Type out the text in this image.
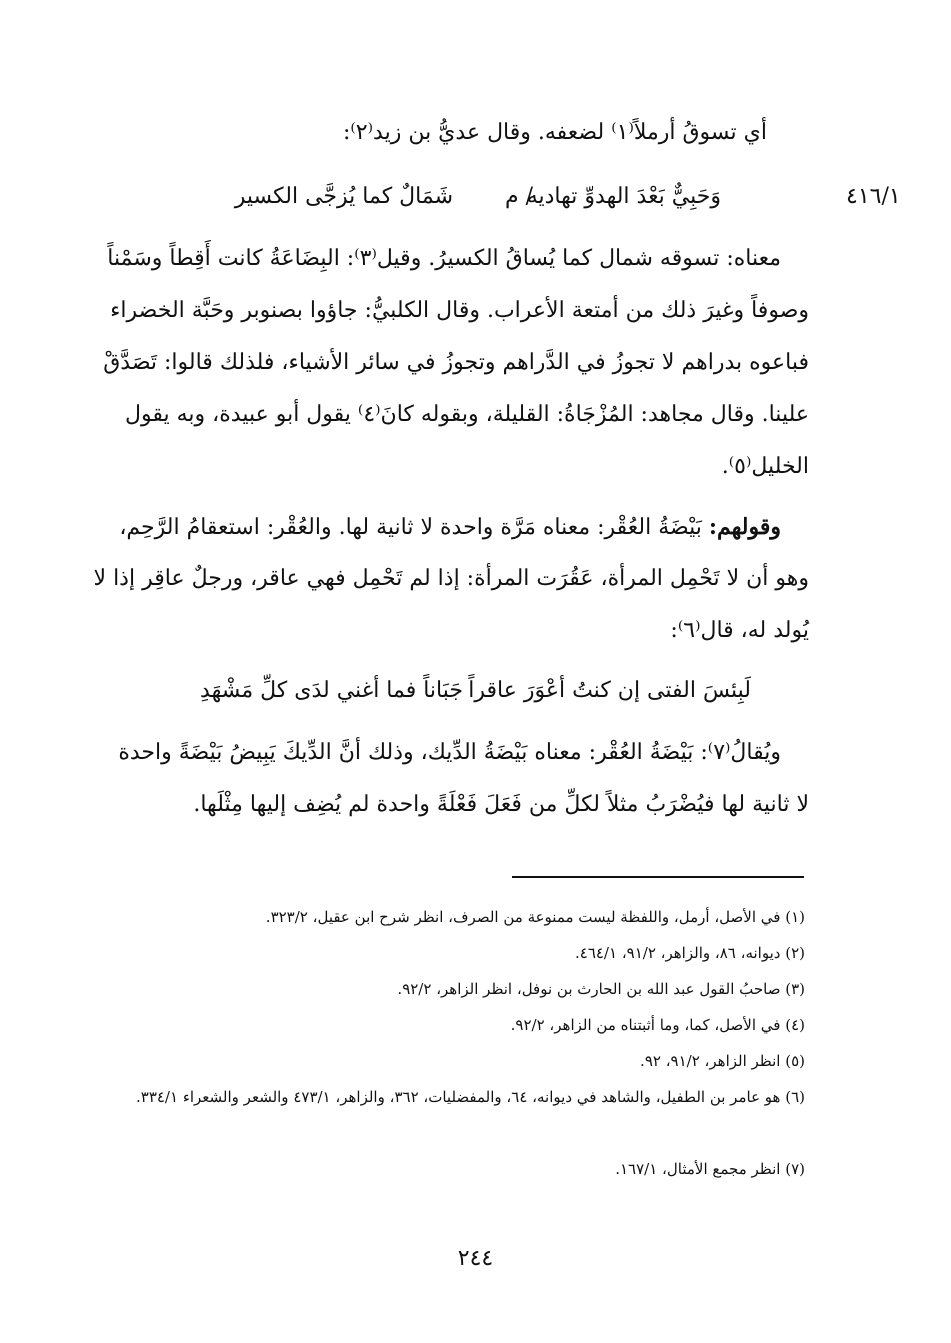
٤١٦/١
أي تسوقُ أرملاً⁽١⁾ لضعفه. وقال عديُّ بن زيد⁽٢⁾:
وَحَبِيٌّ بَعْدَ الهدوِّ تهاديه
/ م
شَمَالٌ كما يُزجَّى الكسير
معناه: تسوقه شمال كما يُساقُ الكسيرُ. وقيل⁽٣⁾: البِضَاعَةُ كانت أَقِطاً وسَمْناً
وصوفاً وغيرَ ذلك من أمتعة الأعراب. وقال الكلبيُّ: جاؤوا بصنوبر وحَبَّة الخضراء
فباعوه بدراهم لا تجوزُ في الدَّراهم وتجوزُ في سائر الأشياء، فلذلك قالوا: تَصَدَّقْ
علينا. وقال مجاهد: المُزْجَاةُ: القليلة، وبقوله كانَ⁽٤⁾ يقول أبو عبيدة، وبه يقول
الخليل⁽٥⁾.
وقولهم: بَيْضَةُ العُقْر: معناه مَرَّة واحدة لا ثانية لها. والعُقْر: استعقامُ الرَّحِم،
وهو أن لا تَحْمِل المرأة، عَقُرَت المرأة: إذا لم تَحْمِل فهي عاقر، ورجلٌ عاقِر إذا لا
يُولد له، قال⁽٦⁾:
لَبِئسَ الفتى إن كنتُ أعْوَرَ عاقراً
جَبَاناً فما أغني لدَى كلِّ مَشْهَدِ
ويُقالُ⁽٧⁾: بَيْضَةُ العُقْر: معناه بَيْضَةُ الدِّيك، وذلك أنَّ الدِّيكَ يَبِيضُ بَيْضَةً واحدة
لا ثانية لها فيُضْرَبُ مثلاً لكلِّ من فَعَلَ فَعْلَةً واحدة لم يُضِف إليها مِثْلَها.
(١) في الأصل، أرمل، واللفظة ليست ممنوعة من الصرف، انظر شرح ابن عقيل، ٣٢٣/٢.
(٢) ديوانه، ٨٦، والزاهر، ٩١/٢، ٤٦٤/١.
(٣) صاحبُ القول عبد الله بن الحارث بن نوفل، انظر الزاهر، ٩٢/٢.
(٤) في الأصل، كما، وما أثبتناه من الزاهر، ٩٢/٢.
(٥) انظر الزاهر، ٩١/٢، ٩٢.
(٦) هو عامر بن الطفيل، والشاهد في ديوانه، ٦٤، والمفضليات، ٣٦٢، والزاهر، ٤٧٣/١ والشعر والشعراء ٣٣٤/١.
(٧) انظر مجمع الأمثال، ١٦٧/١.
٢٤٤
